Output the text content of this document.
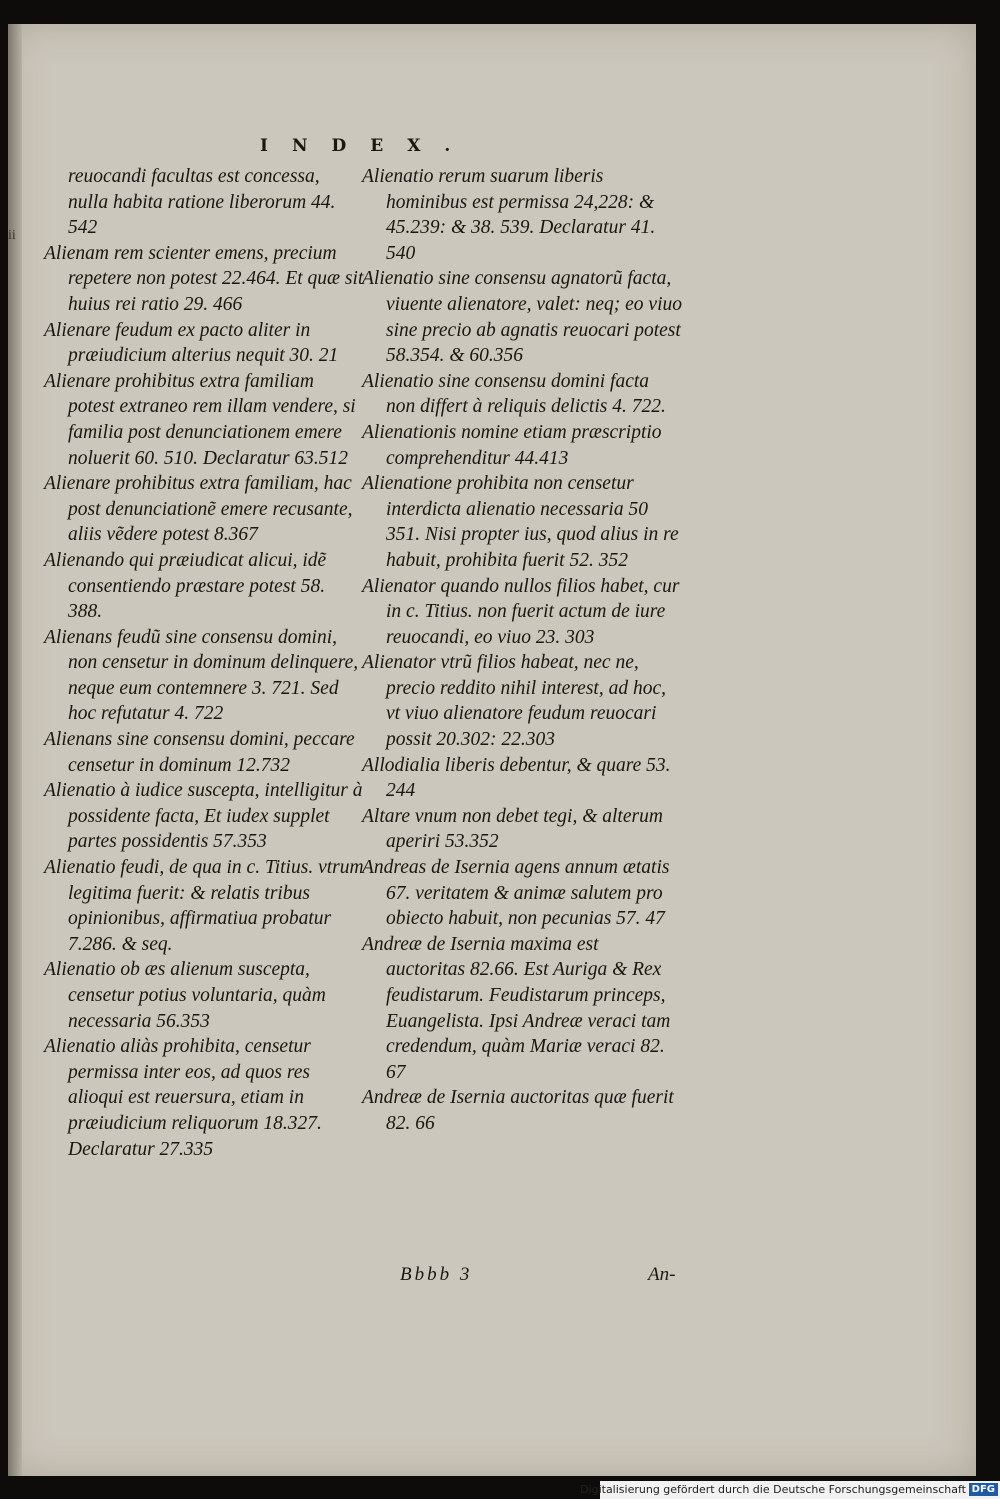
ii
INDEX.

reuocandi facultas est concessa, nulla habita ratione liberorum 44. 542

Alienam rem scienter emens, precium repetere non potest 22.464. Et quæ sit huius rei ratio 29. 466

Alienare feudum ex pacto aliter in præiudicium alterius nequit 30. 21

Alienare prohibitus extra familiam potest extraneo rem illam vendere, si familia post denunciationem emere noluerit 60. 510. Declaratur 63.512

Alienare prohibitus extra familiam, hac post denunciationẽ emere recusante, aliis vẽdere potest 8.367

Alienando qui præiudicat alicui, idẽ consentiendo præstare potest 58. 388.

Alienans feudũ sine consensu domini, non censetur in dominum delinquere, neque eum contemnere 3. 721. Sed hoc refutatur 4. 722

Alienans sine consensu domini, peccare censetur in dominum 12.732

Alienatio à iudice suscepta, intelligitur à possidente facta, Et iudex supplet partes possidentis 57.353

Alienatio feudi, de qua in c. Titius. vtrum legitima fuerit: & relatis tribus opinionibus, affirmatiua probatur 7.286. & seq.

Alienatio ob æs alienum suscepta, censetur potius voluntaria, quàm necessaria 56.353

Alienatio aliàs prohibita, censetur permissa inter eos, ad quos res alioqui est reuersura, etiam in præiudicium reliquorum 18.327. Declaratur 27.335

Alienatio rerum suarum liberis hominibus est permissa 24,228: & 45.239: & 38. 539. Declaratur 41. 540

Alienatio sine consensu agnatorũ facta, viuente alienatore, valet: neq; eo viuo sine precio ab agnatis reuocari potest 58.354. & 60.356

Alienatio sine consensu domini facta non differt à reliquis delictis 4. 722.

Alienationis nomine etiam præscriptio comprehenditur 44.413

Alienatione prohibita non censetur interdicta alienatio necessaria 50 351. Nisi propter ius, quod alius in re habuit, prohibita fuerit 52. 352

Alienator quando nullos filios habet, cur in c. Titius. non fuerit actum de iure reuocandi, eo viuo 23. 303

Alienator vtrũ filios habeat, nec ne, precio reddito nihil interest, ad hoc, vt viuo alienatore feudum reuocari possit 20.302: 22.303

Allodialia liberis debentur, & quare 53. 244

Altare vnum non debet tegi, & alterum aperiri 53.352

Andreas de Isernia agens annum ætatis 67. veritatem & animæ salutem pro obiecto habuit, non pecunias 57. 47

Andreæ de Isernia maxima est auctoritas 82.66. Est Auriga & Rex feudistarum. Feudistarum princeps, Euangelista. Ipsi Andreæ veraci tam credendum, quàm Mariæ veraci 82. 67

Andreæ de Isernia auctoritas quæ fuerit 82. 66

Bbbb 3	An-
Digitalisierung gefördert durch die Deutsche Forschungsgemeinschaft DFG
